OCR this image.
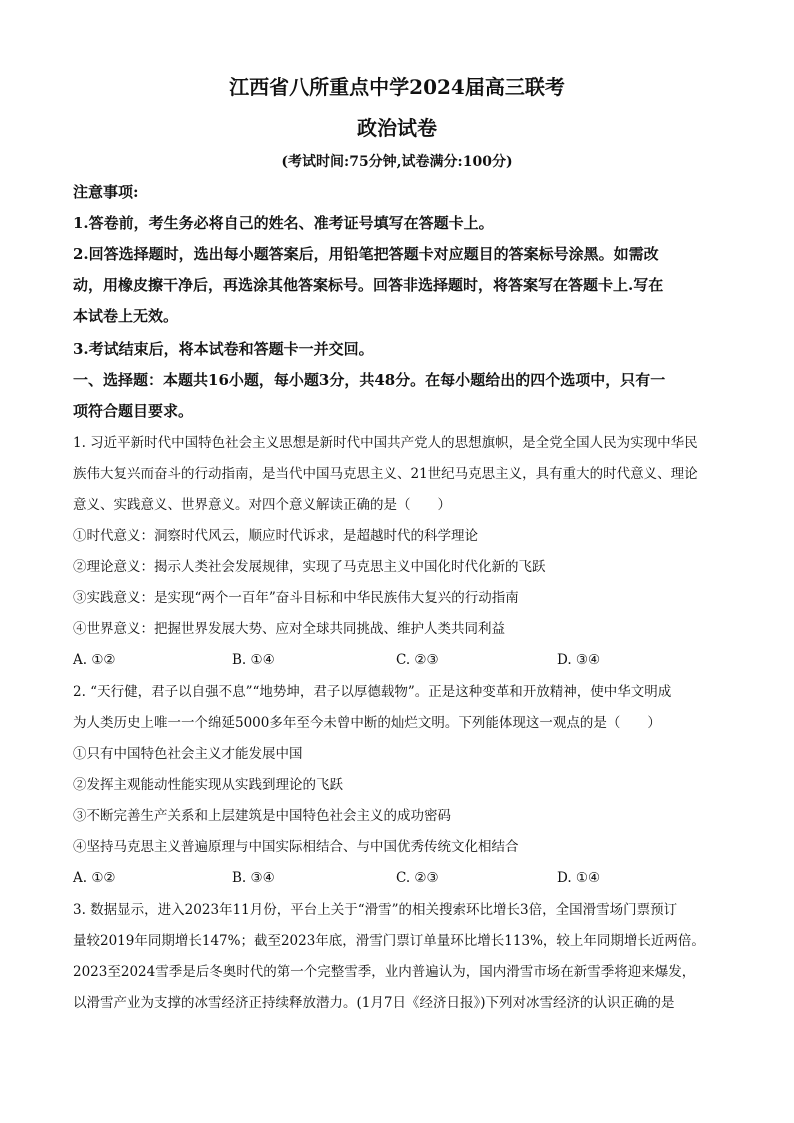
江西省八所重点中学2024届高三联考
政治试卷
(考试时间:75分钟,试卷满分:100分)
注意事项:
1.答卷前，考生务必将自己的姓名、准考证号填写在答题卡上。
2.回答选择题时，选出每小题答案后，用铅笔把答题卡对应题目的答案标号涂黑。如需改
动，用橡皮擦干净后，再选涂其他答案标号。回答非选择题时，将答案写在答题卡上.写在
本试卷上无效。
3.考试结束后，将本试卷和答题卡一并交回。
一、选择题：本题共16小题，每小题3分，共48分。在每小题给出的四个选项中，只有一
项符合题目要求。
1. 习近平新时代中国特色社会主义思想是新时代中国共产党人的思想旗帜，是全党全国人民为实现中华民
族伟大复兴而奋斗的行动指南，是当代中国马克思主义、21世纪马克思主义，具有重大的时代意义、理论
意义、实践意义、世界意义。对四个意义解读正确的是（　　）
①时代意义：洞察时代风云，顺应时代诉求，是超越时代的科学理论
②理论意义：揭示人类社会发展规律，实现了马克思主义中国化时代化新的飞跃
③实践意义：是实现“两个一百年”奋斗目标和中华民族伟大复兴的行动指南
④世界意义：把握世界发展大势、应对全球共同挑战、维护人类共同利益
A. ①②	B. ①④	C. ②③	D. ③④
2. “天行健，君子以自强不息”“地势坤，君子以厚德载物”。正是这种变革和开放精神，使中华文明成
为人类历史上唯一一个绵延5000多年至今未曾中断的灿烂文明。下列能体现这一观点的是（　　）
①只有中国特色社会主义才能发展中国
②发挥主观能动性能实现从实践到理论的飞跃
③不断完善生产关系和上层建筑是中国特色社会主义的成功密码
④坚持马克思主义普遍原理与中国实际相结合、与中国优秀传统文化相结合
A. ①②	B. ③④	C. ②③	D. ①④
3. 数据显示，进入2023年11月份，平台上关于“滑雪”的相关搜索环比增长3倍，全国滑雪场门票预订
量较2019年同期增长147%；截至2023年底，滑雪门票订单量环比增长113%，较上年同期增长近两倍。
2023至2024雪季是后冬奥时代的第一个完整雪季，业内普遍认为，国内滑雪市场在新雪季将迎来爆发，
以滑雪产业为支撑的冰雪经济正持续释放潜力。(1月7日《经济日报》)下列对冰雪经济的认识正确的是
